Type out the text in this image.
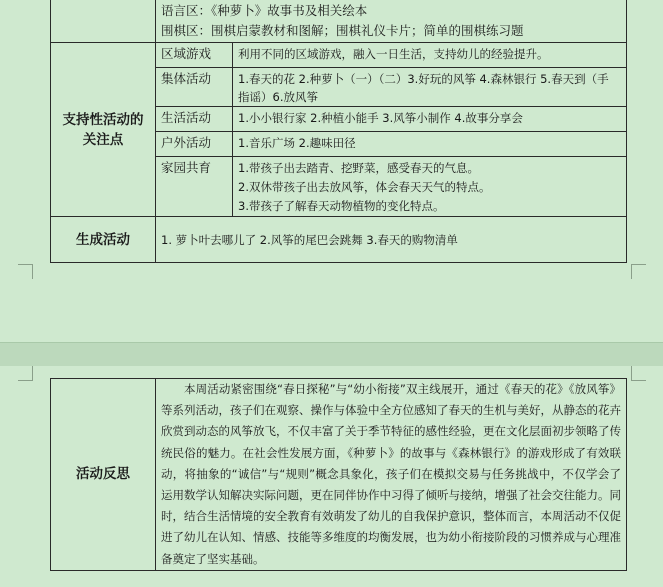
	语言区：《种萝卜》故事书及相关绘本
围棋区：围棋启蒙教材和图解；围棋礼仪卡片；简单的围棋练习题	

支持性活动的
关注点	区域游戏	利用不同的区域游戏，融入一日生活，支持幼儿的经验提升。

	集体活动	1.春天的花 2.种萝卜（一）（二）3.好玩的风筝 4.森林银行 5.春天到（手
指谣）6.放风筝

	生活活动	1.小小银行家 2.种植小能手 3.风筝小制作 4.故事分享会

	户外活动	1.音乐广场 2.趣味田径

	家园共育	1.带孩子出去踏青、挖野菜，感受春天的气息。
2.双休带孩子出去放风筝，体会春天天气的特点。
3.带孩子了解春天动物植物的变化特点。

生成活动	1. 萝卜叶去哪儿了 2.风筝的尾巴会跳舞 3.春天的购物清单	
活动反思	本周活动紧密围绕“春日探秘”与“幼小衔接”双主线展开，通过《春天的花》《放风筝》等系列活动，孩子们在观察、操作与体验中全方位感知了春天的生机与美好，从静态的花卉欣赏到动态的风筝放飞，不仅丰富了关于季节特征的感性经验，更在文化层面初步领略了传统民俗的魅力。在社会性发展方面，《种萝卜》的故事与《森林银行》的游戏形成了有效联动，将抽象的“诚信”与“规则”概念具象化，孩子们在模拟交易与任务挑战中，不仅学会了运用数学认知解决实际问题，更在同伴协作中习得了倾听与接纳，增强了社会交往能力。同时，结合生活情境的安全教育有效萌发了幼儿的自我保护意识，整体而言，本周活动不仅促进了幼儿在认知、情感、技能等多维度的均衡发展，也为幼小衔接阶段的习惯养成与心理准备奠定了坚实基础。
